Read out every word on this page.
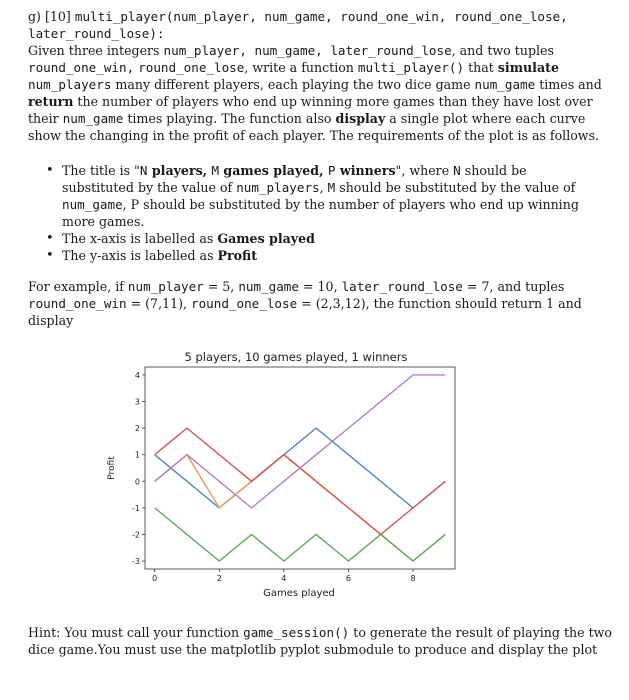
g) [10] multi_player(num_player, num_game, round_one_win, round_one_lose,
later_round_lose):

Given three integers num_player, num_game, later_round_lose, and two tuples round_one_win, round_one_lose, write a function multi_player() that simulate num_players many different players, each playing the two dice game num_game times and return the number of players who end up winning more games than they have lost over their num_game times playing. The function also display a single plot where each curve show the changing in the profit of each player. The requirements of the plot is as follows.

• The title is "N players, M games played, P winners", where N should be substituted by the value of num_players, M should be substituted by the value of num_game, P should be substituted by the number of players who end up winning more games.
• The x-axis is labelled as Games played
• The y-axis is labelled as Profit

For example, if num_player = 5, num_game = 10, later_round_lose = 7, and tuples round_one_win = (7,11), round_one_lose = (2,3,12), the function should return 1 and display

5 players, 10 games played, 1 winners
Games played
Profit
0	2	4	6	8
-3
-2
-1
0
1
2
3
4

Hint: You must call your function game_session() to generate the result of playing the two dice game.You must use the matplotlib pyplot submodule to produce and display the plot
